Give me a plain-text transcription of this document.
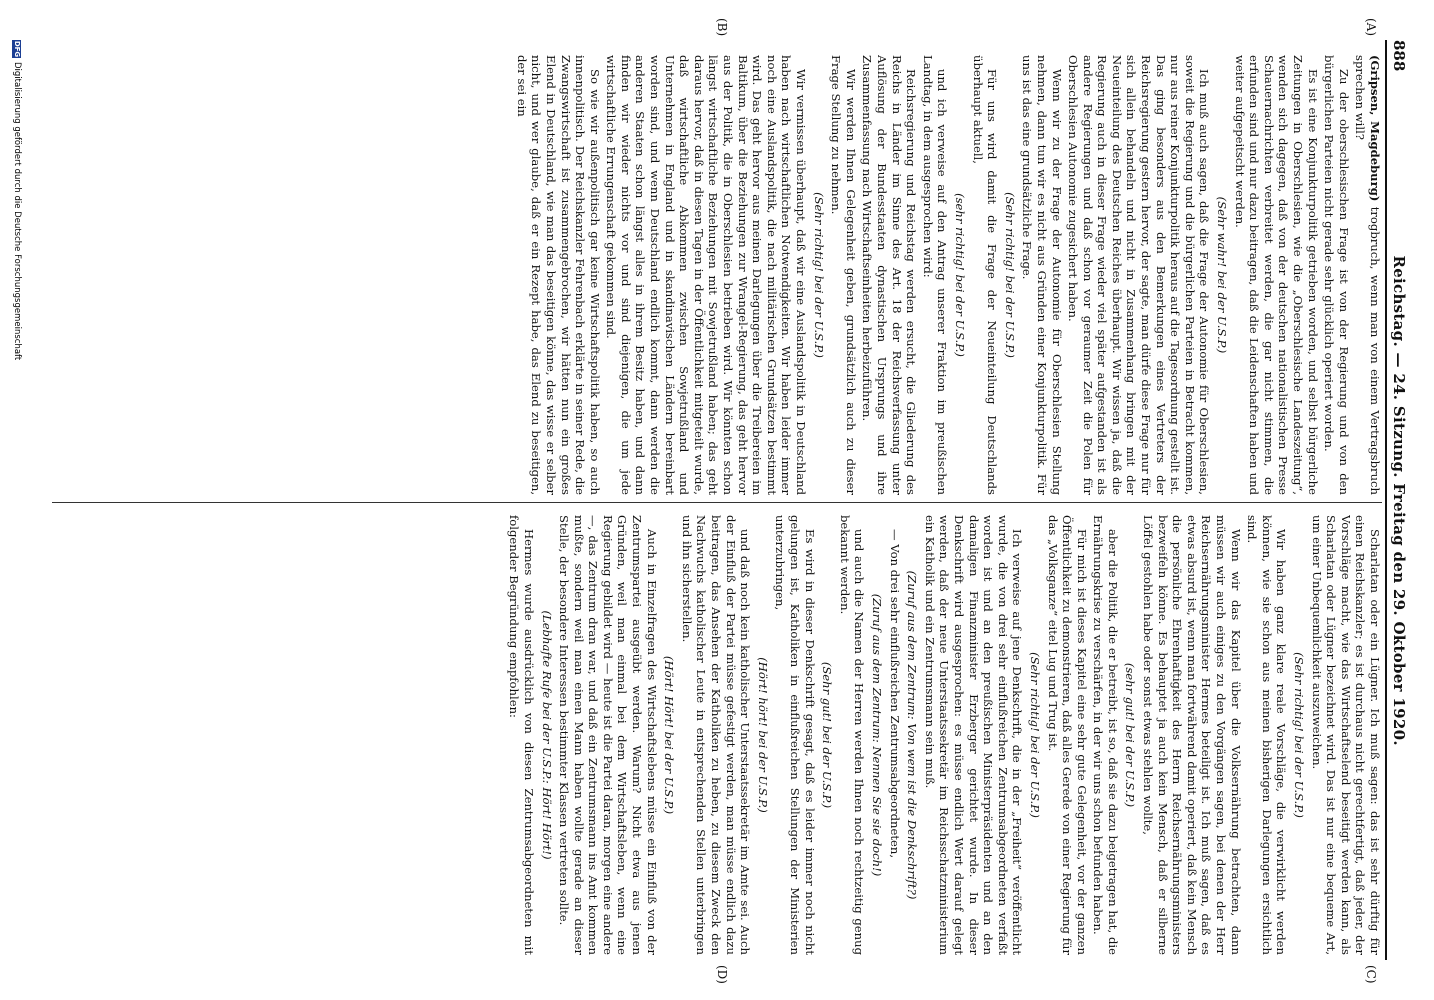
888
Reichstag. — 24. Sitzung. Freitag den 29. Oktober 1920.
(A)
(B)
(C)
(D)

(Gripsen, Magdeburg) trogbruch, wenn man von einem Vertragsbruch sprechen will?

Zu der oberschlesischen Frage ist von der Regierung und von den bürgerlichen Parteien nicht gerade sehr glücklich operiert worden.

Es ist eine Konjunkturpolitik getrieben worden, und selbst bürgerliche Zeitungen in Oberschlesien, wie die „Oberschlesische Landeszeitung“, wenden sich dagegen, daß von der deutschen nationalistischen Presse Schauernachrichten verbreitet werden, die gar nicht stimmen, die erfunden sind und nur dazu beitragen, daß die Leidenschaften haben und weiter aufgepeitscht werden.

(Sehr wahr! bei der U.S.P.)

Ich muß auch sagen, daß die Frage der Autonomie für Oberschlesien, soweit die Regierung und die bürgerlichen Parteien in Betracht kommen, nur aus reiner Konjunkturpolitik heraus auf die Tagesordnung gestellt ist. Das ging besonders aus den Bemerkungen eines Vertreters der Reichsregierung gestern hervor, der sagte, man dürfe diese Frage nur für sich allein behandeln und nicht in Zusammenhang bringen mit der Neueinteilung des Deutschen Reiches überhaupt. Wir wissen ja, daß die Regierung auch in dieser Frage wieder viel später aufgestanden ist als andere Regierungen und daß schon vor geraumer Zeit die Polen für Oberschlesien Autonomie zugesichert haben.

Wenn wir zu der Frage der Autonomie für Oberschlesien Stellung nehmen, dann tun wir es nicht aus Gründen einer Konjunkturpolitik. Für uns ist das eine grundsätzliche Frage.

(Sehr richtig! bei der U.S.P.)

Für uns wird damit die Frage der Neueinteilung Deutschlands überhaupt aktuell,

(sehr richtig! bei der U.S.P.)

und ich verweise auf den Antrag unserer Fraktion im preußischen Landtag, in dem ausgesprochen wird:

Reichsregierung und Reichstag werden ersucht, die Gliederung des Reichs in Länder im Sinne des Art. 18 der Reichsverfassung unter Auflösung der Bundesstaaten dynastischen Ursprungs und ihre Zusammenfassung nach Wirtschaftseinheiten herbeizuführen.

Wir werden Ihnen Gelegenheit geben, grundsätzlich auch zu dieser Frage Stellung zu nehmen.

(Sehr richtig! bei der U.S.P.)

Wir vermissen überhaupt, daß wir eine Auslandspolitik in Deutschland haben nach wirtschaftlichen Notwendigkeiten. Wir haben leider immer noch eine Auslandspolitik, die nach militärischen Grundsätzen bestimmt wird. Das geht hervor aus meinen Darlegungen über die Treibereien im Baltikum, über die Beziehungen zur Wrangel-Regierung, das geht hervor aus der Politik, die in Oberschlesien betrieben wird. Wir könnten schon längst wirtschaftliche Beziehungen mit Sowjetrußland haben; das geht daraus hervor, daß in diesen Tagen in der Öffentlichkeit mitgeteilt wurde, daß wirtschaftliche Abkommen zwischen Sowjetrußland und Unternehmen in England und in skandinavischen Ländern bereinbart worden sind, und wenn Deutschland endlich kommt, dann werden die anderen Staaten schon längst alles in ihrem Besitz haben, und dann finden wir wieder nichts vor und sind diejenigen, die um jede wirtschaftliche Errungenschaft gekommen sind.

So wie wir außenpolitisch gar keine Wirtschaftspolitik haben, so auch innenpolitisch. Der Reichskanzler Fehrenbach erklärte in seiner Rede, die Zwangswirtschaft ist zusammengebrochen, wir hätten nun ein großes Elend in Deutschland, wie man das beseitigen könne, das wisse er selber nicht, und wer glaube, daß er ein Rezept habe, das Elend zu beseitigen, der sei ein

Scharlatan oder ein Lügner. Ich muß sagen: das ist sehr dürftig für einen Reichskanzler; es ist durchaus nicht gerechtfertigt, daß jeder, der Vorschläge macht, wie das Wirtschaftselend beseitigt werden kann, als Scharlatan oder Lügner bezeichnet wird. Das ist nur eine bequeme Art, um einer Unbequemlichkeit auszuweichen.

(Sehr richtig! bei der U.S.P.)

Wir haben ganz klare reale Vorschläge, die verwirklicht werden können, wie sie schon aus meinen bisherigen Darlegungen ersichtlich sind.

Wenn wir das Kapitel über die Volksernährung betrachten, dann müssen wir auch einiges zu den Vorgängen sagen, bei denen der Herr Reichsernährungsminister Hermes beteiligt ist. Ich muß sagen, daß es etwas absurd ist, wenn man fortwährend damit operiert, daß kein Mensch die persönliche Ehrenhaftigkeit des Herrn Reichsernährungsministers bezweifeln könne. Es behauptet ja auch kein Mensch, daß er silberne Löffel gestohlen habe oder sonst etwas stehlen wollte,

(sehr gut! bei der U.S.P.)

aber die Politik, die er betreibt, ist so, daß sie dazu beigetragen hat, die Ernährungskrise zu verschärfen, in der wir uns schon befunden haben.

Für mich ist dieses Kapitel eine sehr gute Gelegenheit, vor der ganzen Öffentlichkeit zu demonstrieren, daß alles Gerede von einer Regierung für das „Volksganze“ eitel Lug und Trug ist.

(Sehr richtig! bei der U.S.P.)

Ich verweise auf jene Denkschrift, die in der „Freiheit“ veröffentlicht wurde, die von drei sehr einflußreichen Zentrumsabgeordneten verfaßt worden ist und an den preußischen Ministerpräsidenten und an den damaligen Finanzminister Erzberger gerichtet wurde. In dieser Denkschrift wird ausgesprochen: es müsse endlich Wert darauf gelegt werden, daß der neue Unterstaatssekretär im Reichsschatzministerium ein Katholik und ein Zentrumsmann sein muß.

(Zuruf aus dem Zentrum: Von wem ist die Denkschrift?)

— Von drei sehr einflußreichen Zentrumsabgeordneten,

(Zuruf aus dem Zentrum: Nennen Sie sie doch!)

und auch die Namen der Herren werden Ihnen noch rechtzeitig genug bekannt werden.

(Sehr gut! bei der U.S.P.)

Es wird in dieser Denkschrift gesagt, daß es leider immer noch nicht gelungen ist, Katholiken in einflußreichen Stellungen der Ministerien unterzubringen,

(Hört! hört! bei der U.S.P.)

und daß noch kein katholischer Unterstaatssekretär im Amte sei. Auch der Einfluß der Partei müsse gefestigt werden, man müsse endlich dazu beitragen, das Ansehen der Katholiken zu heben, zu diesem Zweck den Nachwuchs katholischer Leute in entsprechenden Stellen unterbringen und ihn sicherstellen.

(Hört! Hört! bei der U.S.P.)

Auch in Einzelfragen des Wirtschaftslebens müsse ein Einfluß von der Zentrumspartei ausgeübt werden. Warum? Nicht etwa aus jenen Gründen, weil man einmal bei dem Wirtschaftsleben, wenn eine Regierung gebildet wird — heute ist die Partei daran, morgen eine andere —, das Zentrum dran war, und daß ein Zentrumsmann ins Amt kommen mußte, sondern weil man einen Mann haben wollte gerade an dieser Stelle, der besondere Interessen bestimmter Klassen vertreten sollte.

(Lebhafte Rufe bei der U.S.P.: Hört! Hört!)

Hermes wurde ausdrücklich von diesen Zentrumsabgeordneten mit folgender Begründung empfohlen:

DFG
Digitalisierung gefördert durch die Deutsche Forschungsgemeinschaft
